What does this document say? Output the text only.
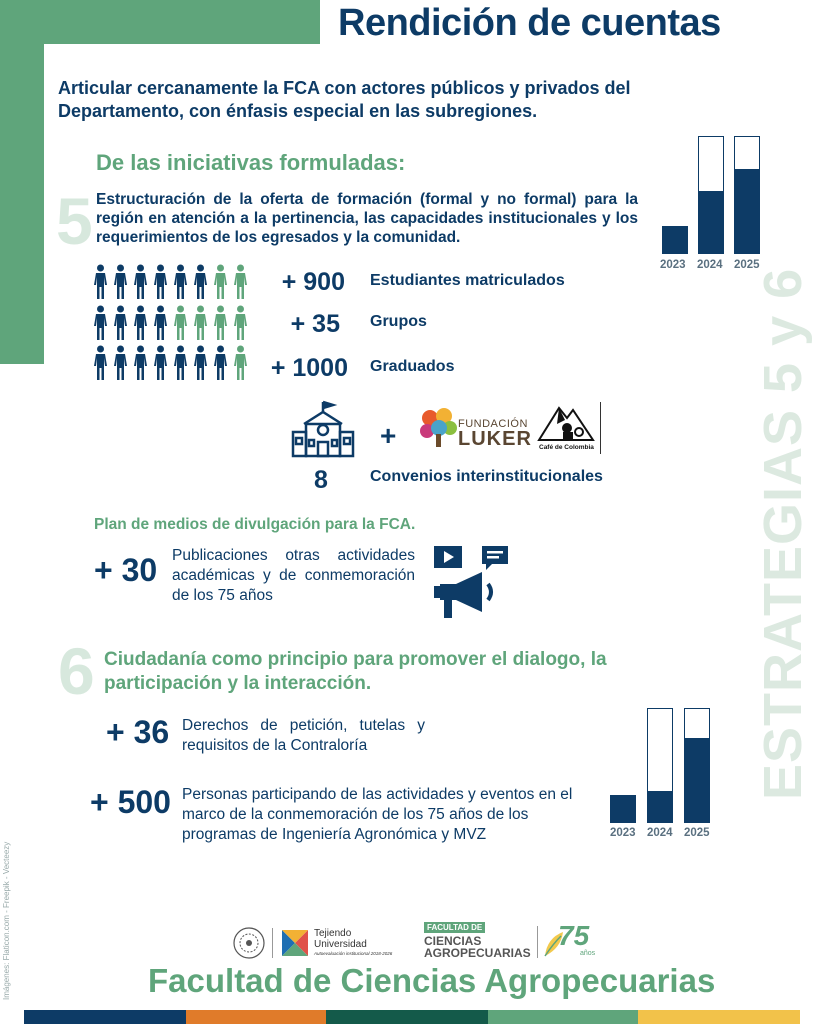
Rendición de cuentas
Articular cercanamente la FCA con actores públicos y privados del Departamento, con énfasis especial en las subregiones.
5
De las iniciativas formuladas:
Estructuración de la oferta de formación (formal y no formal) para la región en atención a la pertinencia, las capacidades institucionales y los requerimientos de los egresados y la comunidad.
2023 2024 2025
+ 900 Estudiantes matriculados
+ 35 Grupos
+ 1000 Graduados
+	FUNDACIÓN
LUKER Café de Colombia
8	Convenios interinstitucionales
Plan de medios de divulgación para la FCA.
+ 30 Publicaciones otras actividades académicas y de conmemoración de los 75 años
6 Ciudadanía como principio para promover el dialogo, la participación y la interacción.
+ 36 Derechos de petición, tutelas y requisitos de la Contraloría
+ 500 Personas participando de las actividades y eventos en el marco de la conmemoración de los 75 años de los programas de Ingeniería Agronómica y MVZ	2023 2024 2025
ESTRATEGIAS 5 y 6
Imágenes: Flaticon.com - Freepik - Vecteezy	Tejiendo
Universidad
Autoevaluación institucional 2018-2026
FACULTAD DE
CIENCIAS
AGROPECUARIAS
75
años
Facultad de Ciencias Agropecuarias
